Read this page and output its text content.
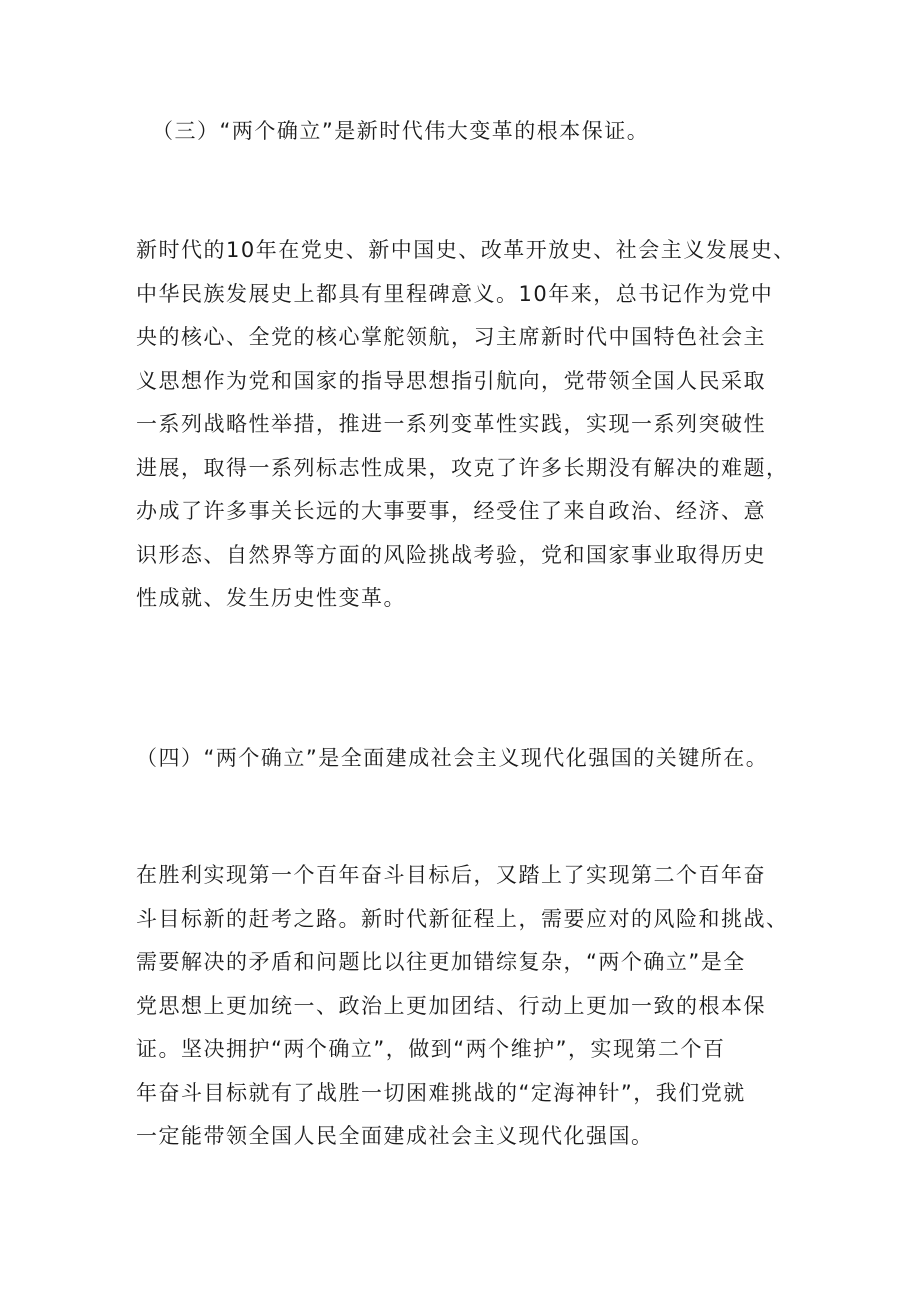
（三）“两个确立”是新时代伟大变革的根本保证。
新时代的10年在党史、新中国史、改革开放史、社会主义发展史、
中华民族发展史上都具有里程碑意义。10年来，总书记作为党中
央的核心、全党的核心掌舵领航，习主席新时代中国特色社会主
义思想作为党和国家的指导思想指引航向，党带领全国人民采取
一系列战略性举措，推进一系列变革性实践，实现一系列突破性
进展，取得一系列标志性成果，攻克了许多长期没有解决的难题，
办成了许多事关长远的大事要事，经受住了来自政治、经济、意
识形态、自然界等方面的风险挑战考验，党和国家事业取得历史
性成就、发生历史性变革。
（四）“两个确立”是全面建成社会主义现代化强国的关键所在。
在胜利实现第一个百年奋斗目标后，又踏上了实现第二个百年奋
斗目标新的赶考之路。新时代新征程上，需要应对的风险和挑战、
需要解决的矛盾和问题比以往更加错综复杂，“两个确立”是全
党思想上更加统一、政治上更加团结、行动上更加一致的根本保
证。坚决拥护“两个确立”，做到“两个维护”，实现第二个百
年奋斗目标就有了战胜一切困难挑战的“定海神针”，我们党就
一定能带领全国人民全面建成社会主义现代化强国。
